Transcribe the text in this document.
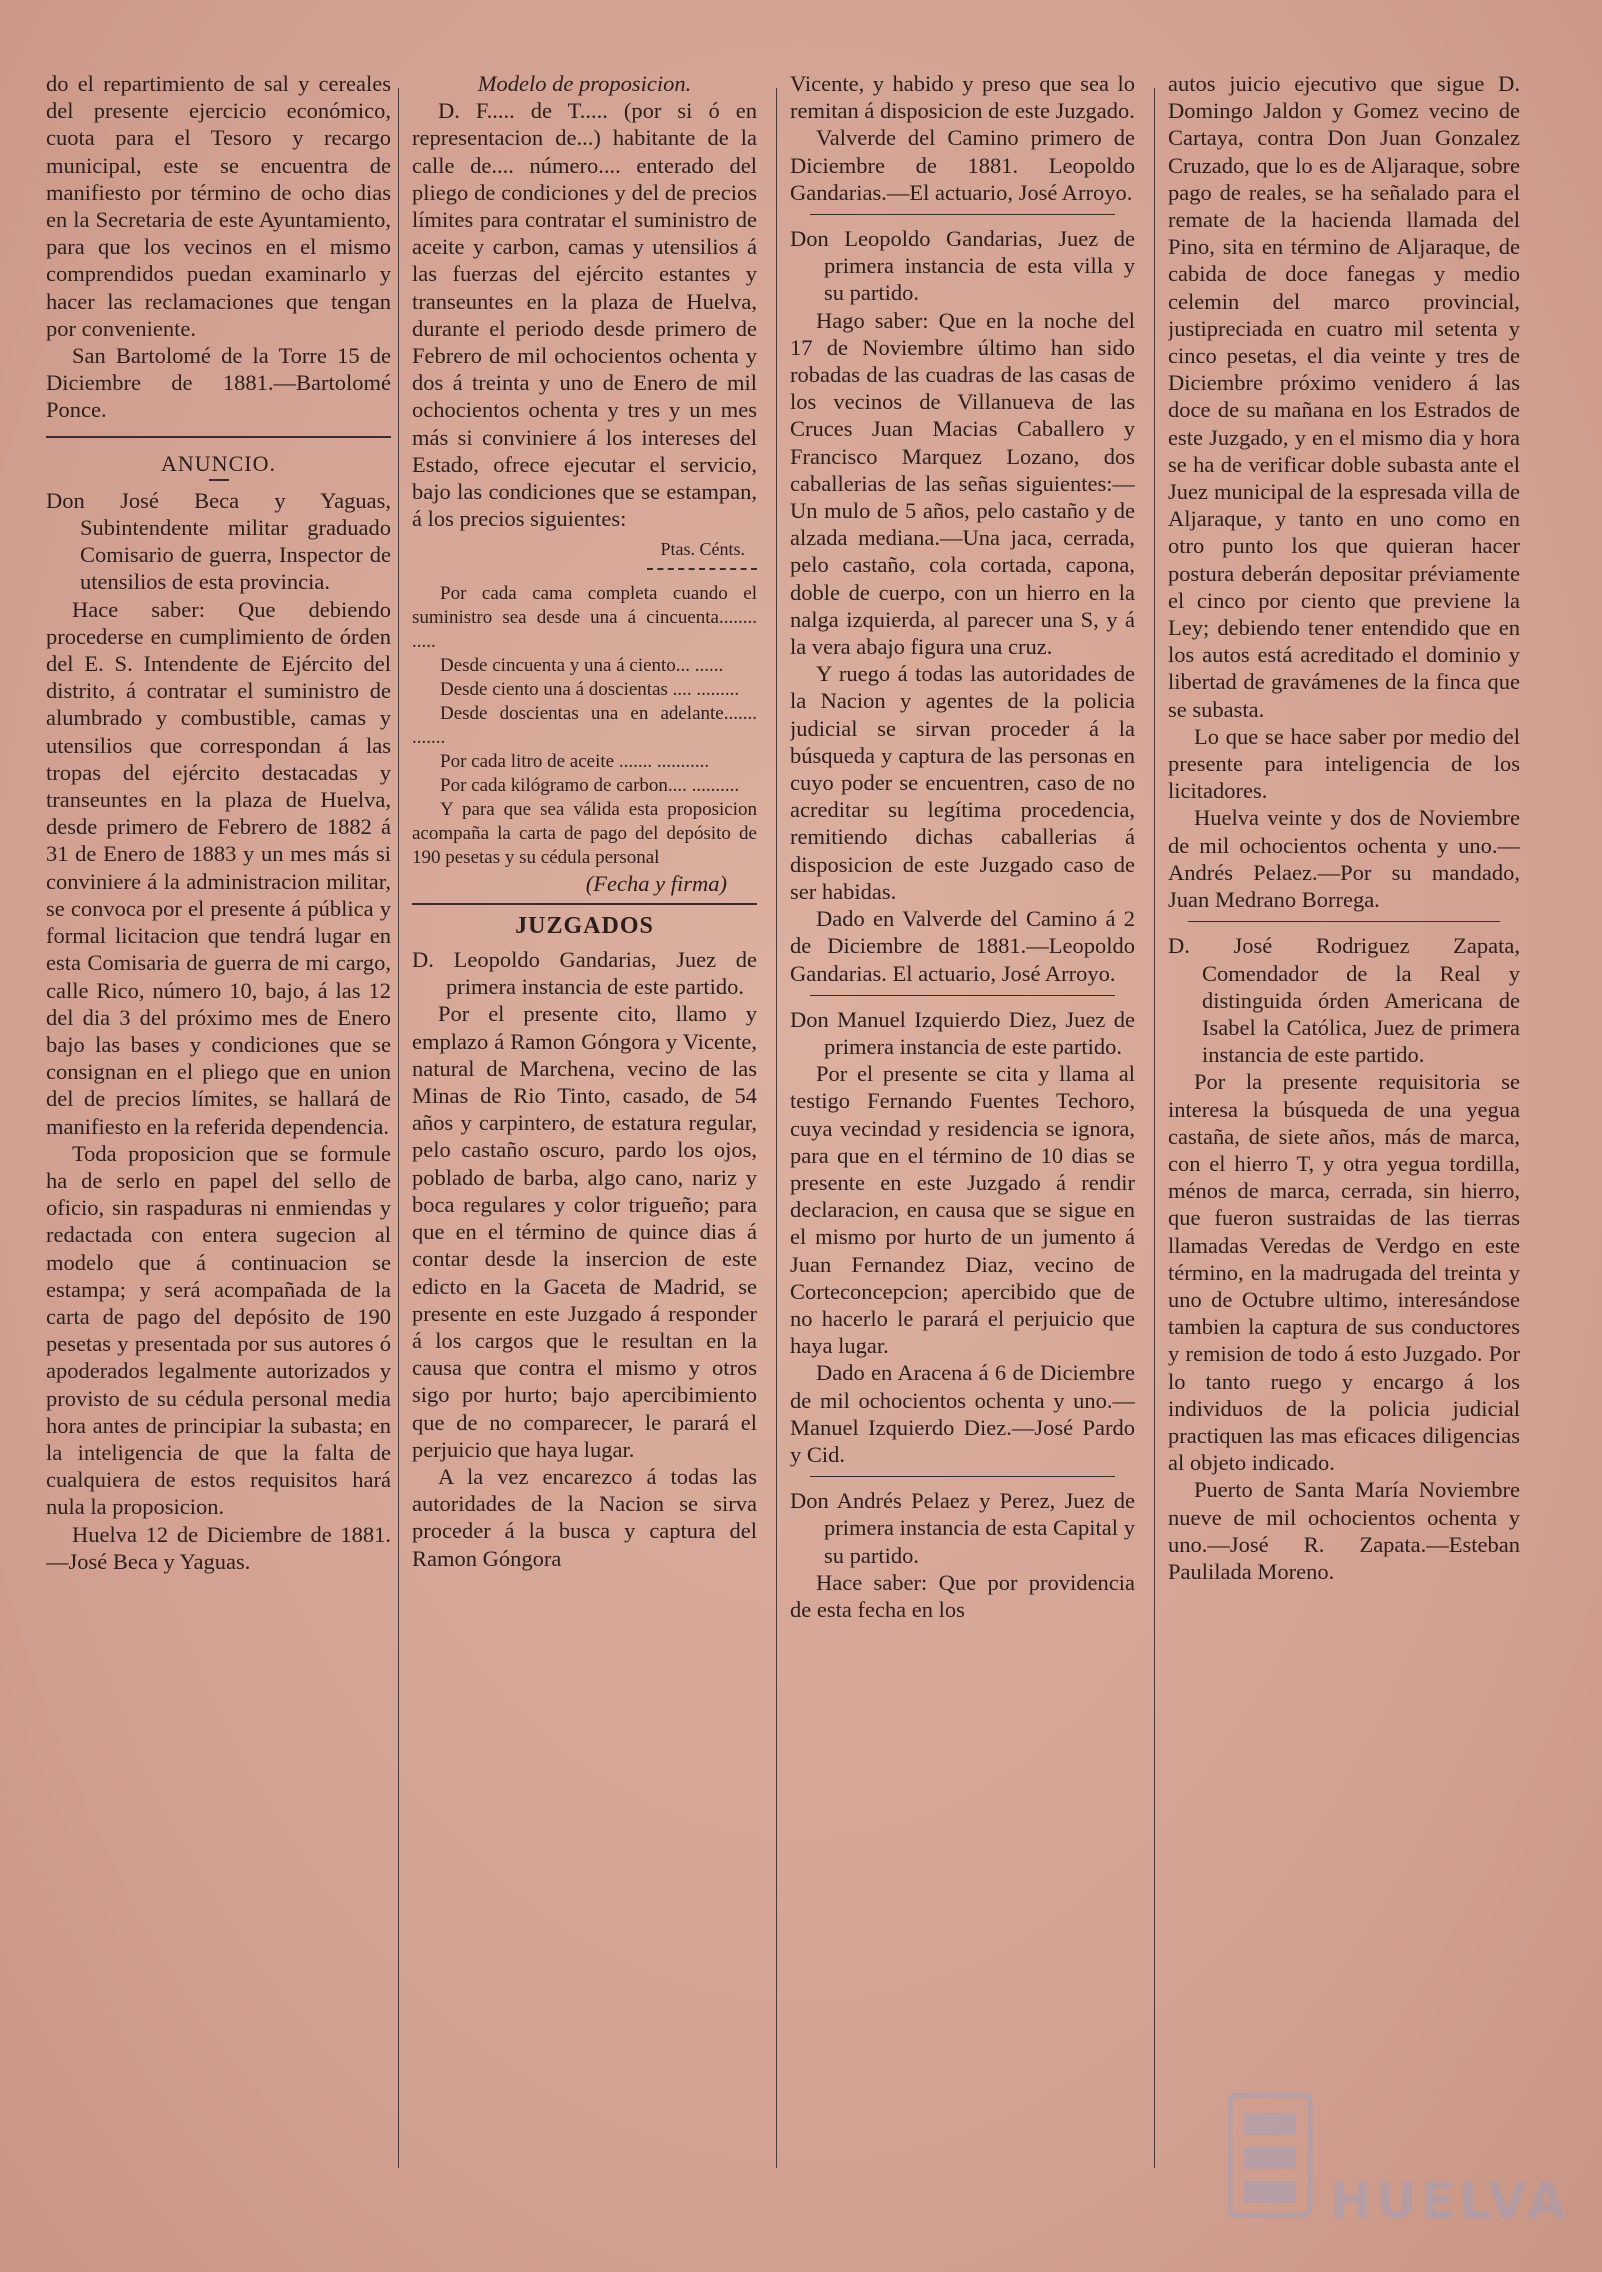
do el repartimiento de sal y cereales del presente ejercicio económico, cuota para el Tesoro y recargo municipal, este se encuentra de manifiesto por término de ocho dias en la Secretaria de este Ayuntamiento, para que los vecinos en el mismo comprendidos puedan examinarlo y hacer las reclamaciones que tengan por conveniente.

San Bartolomé de la Torre 15 de Diciembre de 1881.—Bartolomé Ponce.

ANUNCIO.

Don José Beca y Yaguas, Subintendente militar graduado Comisario de guerra, Inspector de utensilios de esta provincia.

Hace saber: Que debiendo procederse en cumplimiento de órden del E. S. Intendente de Ejército del distrito, á contratar el suministro de alumbrado y combustible, camas y utensilios que correspondan á las tropas del ejército destacadas y transeuntes en la plaza de Huelva, desde primero de Febrero de 1882 á 31 de Enero de 1883 y un mes más si conviniere á la administracion militar, se convoca por el presente á pública y formal licitacion que tendrá lugar en esta Comisaria de guerra de mi cargo, calle Rico, número 10, bajo, á las 12 del dia 3 del próximo mes de Enero bajo las bases y condiciones que se consignan en el pliego que en union del de precios límites, se hallará de manifiesto en la referida dependencia.

Toda proposicion que se formule ha de serlo en papel del sello de oficio, sin raspaduras ni enmiendas y redactada con entera sugecion al modelo que á continuacion se estampa; y será acompañada de la carta de pago del depósito de 190 pesetas y presentada por sus autores ó apoderados legalmente autorizados y provisto de su cédula personal media hora antes de principiar la subasta; en la inteligencia de que la falta de cualquiera de estos requisitos hará nula la proposicion.

Huelva 12 de Diciembre de 1881.—José Beca y Yaguas.

Modelo de proposicion.

D. F..... de T..... (por si ó en representacion de...) habitante de la calle de.... número.... enterado del pliego de condiciones y del de precios límites para contratar el suministro de aceite y carbon, camas y utensilios á las fuerzas del ejército estantes y transeuntes en la plaza de Huelva, durante el periodo desde primero de Febrero de mil ochocientos ochenta y dos á treinta y uno de Enero de mil ochocientos ochenta y tres y un mes más si conviniere á los intereses del Estado, ofrece ejecutar el servicio, bajo las condiciones que se estampan, á los precios siguientes:

Ptas. Cénts.

Por cada cama completa cuando el suministro sea desde una á cincuenta........ .....

Desde cincuenta y una á ciento... ......

Desde ciento una á doscientas .... .........

Desde doscientas una en adelante....... .......

Por cada litro de aceite ....... ...........

Por cada kilógramo de carbon.... ..........

Y para que sea válida esta proposicion acompaña la carta de pago del depósito de 190 pesetas y su cédula personal

(Fecha y firma)

JUZGADOS

D. Leopoldo Gandarias, Juez de primera instancia de este partido.

Por el presente cito, llamo y emplazo á Ramon Góngora y Vicente, natural de Marchena, vecino de las Minas de Rio Tinto, casado, de 54 años y carpintero, de estatura regular, pelo castaño oscuro, pardo los ojos, poblado de barba, algo cano, nariz y boca regulares y color trigueño; para que en el término de quince dias á contar desde la insercion de este edicto en la Gaceta de Madrid, se presente en este Juzgado á responder á los cargos que le resultan en la causa que contra el mismo y otros sigo por hurto; bajo apercibimiento que de no comparecer, le parará el perjuicio que haya lugar.

A la vez encarezco á todas las autoridades de la Nacion se sirva proceder á la busca y captura del Ramon Góngora

Vicente, y habido y preso que sea lo remitan á disposicion de este Juzgado.

Valverde del Camino primero de Diciembre de 1881. Leopoldo Gandarias.—El actuario, José Arroyo.

Don Leopoldo Gandarias, Juez de primera instancia de esta villa y su partido.

Hago saber: Que en la noche del 17 de Noviembre último han sido robadas de las cuadras de las casas de los vecinos de Villanueva de las Cruces Juan Macias Caballero y Francisco Marquez Lozano, dos caballerias de las señas siguientes:—Un mulo de 5 años, pelo castaño y de alzada mediana.—Una jaca, cerrada, pelo castaño, cola cortada, capona, doble de cuerpo, con un hierro en la nalga izquierda, al parecer una S, y á la vera abajo figura una cruz.

Y ruego á todas las autoridades de la Nacion y agentes de la policia judicial se sirvan proceder á la búsqueda y captura de las personas en cuyo poder se encuentren, caso de no acreditar su legítima procedencia, remitiendo dichas caballerias á disposicion de este Juzgado caso de ser habidas.

Dado en Valverde del Camino á 2 de Diciembre de 1881.—Leopoldo Gandarias. El actuario, José Arroyo.

Don Manuel Izquierdo Diez, Juez de primera instancia de este partido.

Por el presente se cita y llama al testigo Fernando Fuentes Techoro, cuya vecindad y residencia se ignora, para que en el término de 10 dias se presente en este Juzgado á rendir declaracion, en causa que se sigue en el mismo por hurto de un jumento á Juan Fernandez Diaz, vecino de Corteconcepcion; apercibido que de no hacerlo le parará el perjuicio que haya lugar.

Dado en Aracena á 6 de Diciembre de mil ochocientos ochenta y uno.—Manuel Izquierdo Diez.—José Pardo y Cid.

Don Andrés Pelaez y Perez, Juez de primera instancia de esta Capital y su partido.

Hace saber: Que por providencia de esta fecha en los

autos juicio ejecutivo que sigue D. Domingo Jaldon y Gomez vecino de Cartaya, contra Don Juan Gonzalez Cruzado, que lo es de Aljaraque, sobre pago de reales, se ha señalado para el remate de la hacienda llamada del Pino, sita en término de Aljaraque, de cabida de doce fanegas y medio celemin del marco provincial, justipreciada en cuatro mil setenta y cinco pesetas, el dia veinte y tres de Diciembre próximo venidero á las doce de su mañana en los Estrados de este Juzgado, y en el mismo dia y hora se ha de verificar doble subasta ante el Juez municipal de la espresada villa de Aljaraque, y tanto en uno como en otro punto los que quieran hacer postura deberán depositar préviamente el cinco por ciento que previene la Ley; debiendo tener entendido que en los autos está acreditado el dominio y libertad de gravámenes de la finca que se subasta.

Lo que se hace saber por medio del presente para inteligencia de los licitadores.

Huelva veinte y dos de Noviembre de mil ochocientos ochenta y uno.—Andrés Pelaez.—Por su mandado, Juan Medrano Borrega.

D. José Rodriguez Zapata, Comendador de la Real y distinguida órden Americana de Isabel la Católica, Juez de primera instancia de este partido.

Por la presente requisitoria se interesa la búsqueda de una yegua castaña, de siete años, más de marca, con el hierro T, y otra yegua tordilla, ménos de marca, cerrada, sin hierro, que fueron sustraidas de las tierras llamadas Veredas de Verdgo en este término, en la madrugada del treinta y uno de Octubre ultimo, interesándose tambien la captura de sus conductores y remision de todo á esto Juzgado. Por lo tanto ruego y encargo á los individuos de la policia judicial practiquen las mas eficaces diligencias al objeto indicado.

Puerto de Santa María Noviembre nueve de mil ochocientos ochenta y uno.—José R. Zapata.—Esteban Paulilada Moreno.

HUELVA
